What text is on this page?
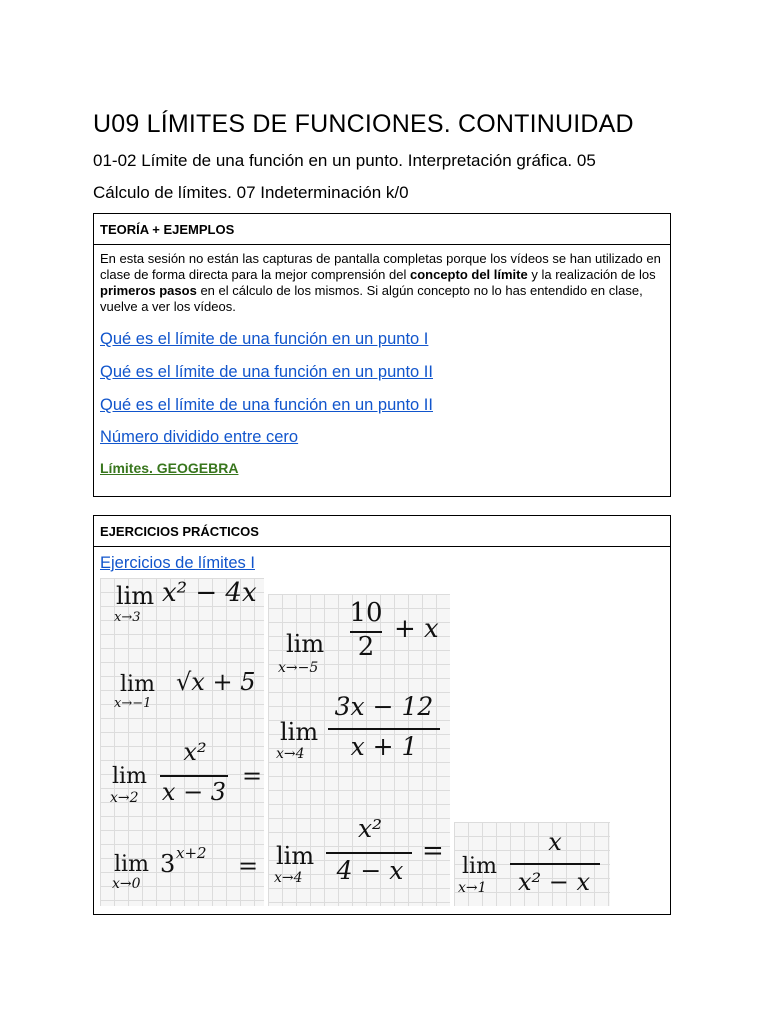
U09 LÍMITES DE FUNCIONES. CONTINUIDAD
01-02 Límite de una función en un punto. Interpretación gráfica. 05
Cálculo de límites. 07 Indeterminación k/0
TEORÍA + EJEMPLOS
En esta sesión no están las capturas de pantalla completas porque los vídeos se han utilizado en clase de forma directa para la mejor comprensión del concepto del límite y la realización de los primeros pasos en el cálculo de los mismos. Si algún concepto no lo has entendido en clase, vuelve a ver los vídeos.
Qué es el límite de una función en un punto I
Qué es el límite de una función en un punto II
Qué es el límite de una función en un punto II
Número dividido entre cero
Límites. GEOGEBRA
EJERCICIOS PRÁCTICOS
Ejercicios de límites I
lim
x→3
x² − 4x
lim
x→−5
10
2
+ x
lim
x→−1
√x + 5
lim
x→4
3x − 12
x + 1
lim
x→2
x²
x − 3
=
lim
x→0
3 x+2 = lim
x→4
x²
4 − x
=
lim
x→1
x
x² − x
